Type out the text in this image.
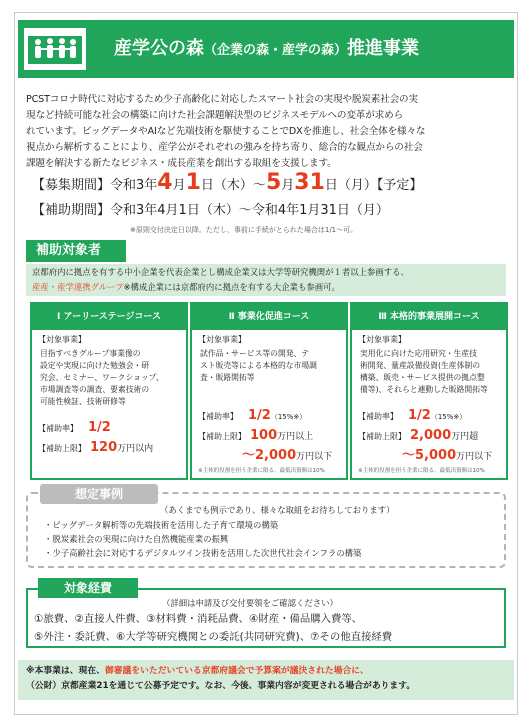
産学公の森（企業の森・産学の森）推進事業
PCSTコロナ時代に対応するため少子高齢化に対応したスマート社会の実現や脱炭素社会の実
現など持続可能な社会の構築に向けた社会課題解決型のビジネスモデルへの変革が求めら
れています。ビッグデータやAIなど先端技術を駆使することでDXを推進し、社会全体を様々な
視点から解析することにより、産学公がそれぞれの強みを持ち寄り、総合的な観点からの社会
課題を解決する新たなビジネス・成長産業を創出する取組を支援します。
【募集期間】令和3年4月1日（木）～5月31日（月）【予定】
【補助期間】令和3年4月1日（木）～令和4年1月31日（月）
※原則交付決定日以降。ただし、事前に手続がとられた場合は1/1～可。
補助対象者
京都府内に拠点を有する中小企業を代表企業とし構成企業又は大学等研究機関が１者以上参画する、
産産・産学連携グループ※構成企業には京都府内に拠点を有する大企業も参画可。
Ⅰ アーリーステージコース
【対象事業】
目指すべきグループ事業像の
設定や実現に向けた勉強会・研
究会、セミナー、ワークショップ、
市場調査等の調査、要素技術の
可能性検証、技術研修等
【補助率】 1/2
【補助上限】 120万円以内
Ⅱ 事業化促進コース
【対象事業】
試作品・サービス等の開発、テ
スト販売等による本格的な市場調
査・販路開拓等
【補助率】 1/2（15%※）
【補助上限】 100万円以上
～2,000万円以下
※主体的役割を担う企業に限る。最低出資額は10%
Ⅲ 本格的事業展開コース
【対象事業】
実用化に向けた応用研究・生産技
術開発、量産設備投資(生産体制の
構築、販売・サービス提供の拠点整
備等)、それらと連動した販路開拓等
【補助率】 1/2（15%※）
【補助上限】 2,000万円超
～5,000万円以下
※主体的役割を担う企業に限る。最低出資額は10%
想定事例
（あくまでも例示であり、様々な取組をお待ちしております）
・ビッグデータ解析等の先端技術を活用した子育て環境の構築
・脱炭素社会の実現に向けた自然機能産業の振興
・少子高齢社会に対応するデジタルツイン技術を活用した次世代社会インフラの構築
対象経費
（詳細は申請及び交付要領をご確認ください）
①旅費、②直接人件費、③材料費・消耗品費、④財産・備品購入費等、
⑤外注・委託費、⑥大学等研究機関との委託(共同研究費)、⑦その他直接経費
※本事業は、現在、御審議をいただいている京都府議会で予算案が議決された場合に、
（公財）京都産業21を通じて公募予定です。なお、今後、事業内容が変更される場合があります。
